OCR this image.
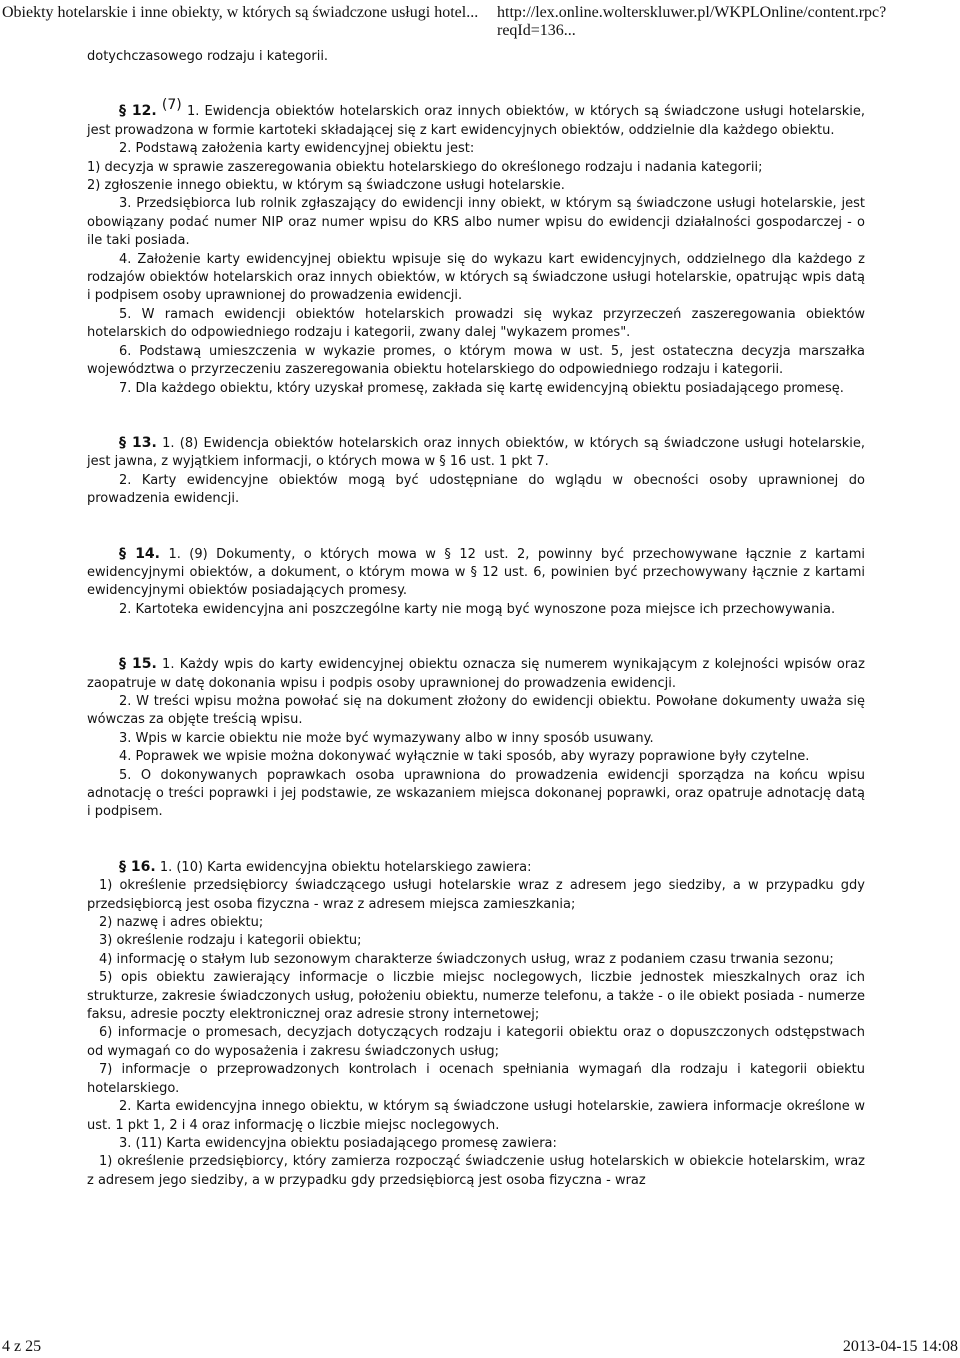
Obiekty hotelarskie i inne obiekty, w których są świadczone usługi hotel... http://lex.online.wolterskluwer.pl/WKPLOnline/content.rpc?reqId=136...

dotychczasowego rodzaju i kategorii.

§ 12. $^{(7)}$ 1. Ewidencja obiektów hotelarskich oraz innych obiektów, w których są świadczone usługi hotelarskie, jest prowadzona w formie kartoteki składającej się z kart ewidencyjnych obiektów, oddzielnie dla każdego obiektu.

2. Podstawą założenia karty ewidencyjnej obiektu jest:

1) decyzja w sprawie zaszeregowania obiektu hotelarskiego do określonego rodzaju i nadania kategorii;

2) zgłoszenie innego obiektu, w którym są świadczone usługi hotelarskie.

3. Przedsiębiorca lub rolnik zgłaszający do ewidencji inny obiekt, w którym są świadczone usługi hotelarskie, jest obowiązany podać numer NIP oraz numer wpisu do KRS albo numer wpisu do ewidencji działalności gospodarczej - o ile taki posiada.

4. Założenie karty ewidencyjnej obiektu wpisuje się do wykazu kart ewidencyjnych, oddzielnego dla każdego z rodzajów obiektów hotelarskich oraz innych obiektów, w których są świadczone usługi hotelarskie, opatrując wpis datą i podpisem osoby uprawnionej do prowadzenia ewidencji.

5. W ramach ewidencji obiektów hotelarskich prowadzi się wykaz przyrzeczeń zaszeregowania obiektów hotelarskich do odpowiedniego rodzaju i kategorii, zwany dalej "wykazem promes".

6. Podstawą umieszczenia w wykazie promes, o którym mowa w ust. 5, jest ostateczna decyzja marszałka województwa o przyrzeczeniu zaszeregowania obiektu hotelarskiego do odpowiedniego rodzaju i kategorii.

7. Dla każdego obiektu, który uzyskał promesę, zakłada się kartę ewidencyjną obiektu posiadającego promesę.

§ 13. 1. (8) Ewidencja obiektów hotelarskich oraz innych obiektów, w których są świadczone usługi hotelarskie, jest jawna, z wyjątkiem informacji, o których mowa w § 16 ust. 1 pkt 7.

2. Karty ewidencyjne obiektów mogą być udostępniane do wglądu w obecności osoby uprawnionej do prowadzenia ewidencji.

§ 14. 1. (9) Dokumenty, o których mowa w § 12 ust. 2, powinny być przechowywane łącznie z kartami ewidencyjnymi obiektów, a dokument, o którym mowa w § 12 ust. 6, powinien być przechowywany łącznie z kartami ewidencyjnymi obiektów posiadających promesy.

2. Kartoteka ewidencyjna ani poszczególne karty nie mogą być wynoszone poza miejsce ich przechowywania.

§ 15. 1. Każdy wpis do karty ewidencyjnej obiektu oznacza się numerem wynikającym z kolejności wpisów oraz zaopatruje w datę dokonania wpisu i podpis osoby uprawnionej do prowadzenia ewidencji.

2. W treści wpisu można powołać się na dokument złożony do ewidencji obiektu. Powołane dokumenty uważa się wówczas za objęte treścią wpisu.

3. Wpis w karcie obiektu nie może być wymazywany albo w inny sposób usuwany.

4. Poprawek we wpisie można dokonywać wyłącznie w taki sposób, aby wyrazy poprawione były czytelne.

5. O dokonywanych poprawkach osoba uprawniona do prowadzenia ewidencji sporządza na końcu wpisu adnotację o treści poprawki i jej podstawie, ze wskazaniem miejsca dokonanej poprawki, oraz opatruje adnotację datą i podpisem.

§ 16. 1. (10) Karta ewidencyjna obiektu hotelarskiego zawiera:

1) określenie przedsiębiorcy świadczącego usługi hotelarskie wraz z adresem jego siedziby, a w przypadku gdy przedsiębiorcą jest osoba fizyczna - wraz z adresem miejsca zamieszkania;

2) nazwę i adres obiektu;

3) określenie rodzaju i kategorii obiektu;

4) informację o stałym lub sezonowym charakterze świadczonych usług, wraz z podaniem czasu trwania sezonu;

5) opis obiektu zawierający informacje o liczbie miejsc noclegowych, liczbie jednostek mieszkalnych oraz ich strukturze, zakresie świadczonych usług, położeniu obiektu, numerze telefonu, a także - o ile obiekt posiada - numerze faksu, adresie poczty elektronicznej oraz adresie strony internetowej;

6) informacje o promesach, decyzjach dotyczących rodzaju i kategorii obiektu oraz o dopuszczonych odstępstwach od wymagań co do wyposażenia i zakresu świadczonych usług;

7) informacje o przeprowadzonych kontrolach i ocenach spełniania wymagań dla rodzaju i kategorii obiektu hotelarskiego.

2. Karta ewidencyjna innego obiektu, w którym są świadczone usługi hotelarskie, zawiera informacje określone w ust. 1 pkt 1, 2 i 4 oraz informację o liczbie miejsc noclegowych.

3. (11) Karta ewidencyjna obiektu posiadającego promesę zawiera:

1) określenie przedsiębiorcy, który zamierza rozpocząć świadczenie usług hotelarskich w obiekcie hotelarskim, wraz z adresem jego siedziby, a w przypadku gdy przedsiębiorcą jest osoba fizyczna - wraz

4 z 25	2013-04-15 14:08
